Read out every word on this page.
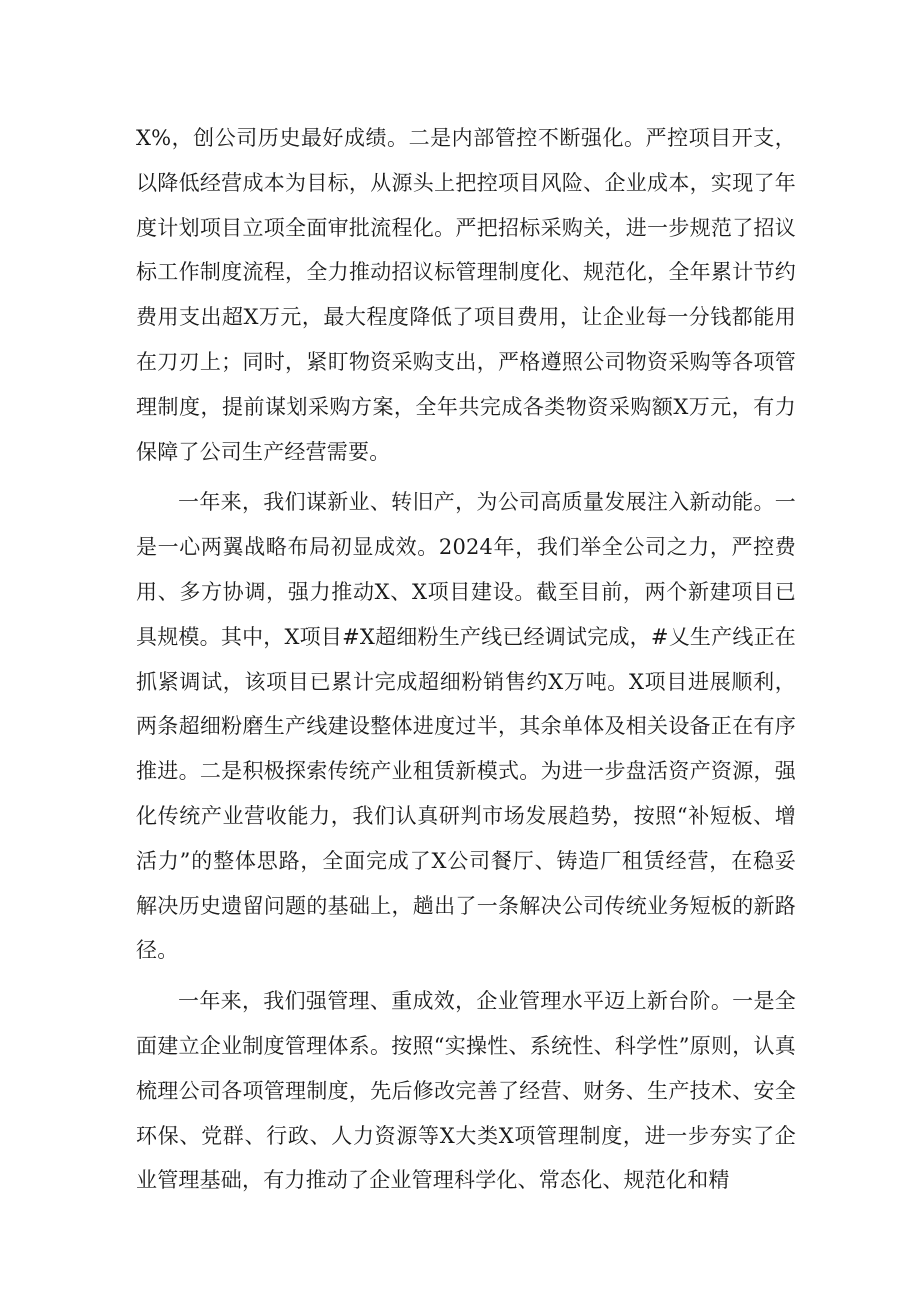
X%，创公司历史最好成绩。二是内部管控不断强化。严控项目开支，以降低经营成本为目标，从源头上把控项目风险、企业成本，实现了年度计划项目立项全面审批流程化。严把招标采购关，进一步规范了招议标工作制度流程，全力推动招议标管理制度化、规范化，全年累计节约费用支出超X万元，最大程度降低了项目费用，让企业每一分钱都能用在刀刃上；同时，紧盯物资采购支出，严格遵照公司物资采购等各项管理制度，提前谋划采购方案，全年共完成各类物资采购额X万元，有力保障了公司生产经营需要。

一年来，我们谋新业、转旧产，为公司高质量发展注入新动能。一是一心两翼战略布局初显成效。2024年，我们举全公司之力，严控费用、多方协调，强力推动X、X项目建设。截至目前，两个新建项目已具规模。其中，X项目#X超细粉生产线已经调试完成，#乂生产线正在抓紧调试，该项目已累计完成超细粉销售约X万吨。X项目进展顺利，两条超细粉磨生产线建设整体进度过半，其余单体及相关设备正在有序推进。二是积极探索传统产业租赁新模式。为进一步盘活资产资源，强化传统产业营收能力，我们认真研判市场发展趋势，按照“补短板、增活力”的整体思路，全面完成了X公司餐厅、铸造厂租赁经营，在稳妥解决历史遗留问题的基础上，趟出了一条解决公司传统业务短板的新路径。

一年来，我们强管理、重成效，企业管理水平迈上新台阶。一是全面建立企业制度管理体系。按照“实操性、系统性、科学性”原则，认真梳理公司各项管理制度，先后修改完善了经营、财务、生产技术、安全环保、党群、行政、人力资源等X大类X项管理制度，进一步夯实了企业管理基础，有力推动了企业管理科学化、常态化、规范化和精
